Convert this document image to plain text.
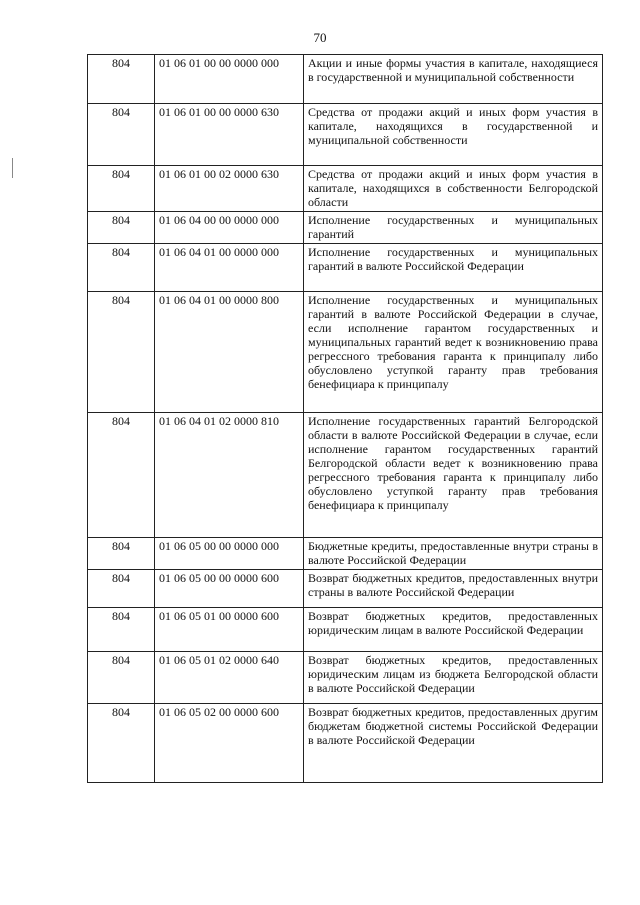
70
804	01 06 01 00 00 0000 000	Акции и иные формы участия в капитале, находящиеся в государственной и муниципальной собственности
804	01 06 01 00 00 0000 630	Средства от продажи акций и иных форм участия в капитале, находящихся в государственной и муниципальной собственности
804	01 06 01 00 02 0000 630	Средства от продажи акций и иных форм участия в капитале, находящихся в собственности Белгородской области
804	01 06 04 00 00 0000 000	Исполнение государственных и муниципальных гарантий
804	01 06 04 01 00 0000 000	Исполнение государственных и муниципальных гарантий в валюте Российской Федерации
804	01 06 04 01 00 0000 800	Исполнение государственных и муниципальных гарантий в валюте Российской Федерации в случае, если исполнение гарантом государственных и муниципальных гарантий ведет к возникновению права регрессного требования гаранта к принципалу либо обусловлено уступкой гаранту прав требования бенефициара к принципалу
804	01 06 04 01 02 0000 810	Исполнение государственных гарантий Белгородской области в валюте Российской Федерации в случае, если исполнение гарантом государственных гарантий Белгородской области ведет к возникновению права регрессного требования гаранта к принципалу либо обусловлено уступкой гаранту прав требования бенефициара к принципалу
804	01 06 05 00 00 0000 000	Бюджетные кредиты, предоставленные внутри страны в валюте Российской Федерации
804	01 06 05 00 00 0000 600	Возврат бюджетных кредитов, предоставленных внутри страны в валюте Российской Федерации
804	01 06 05 01 00 0000 600	Возврат бюджетных кредитов, предоставленных юридическим лицам в валюте Российской Федерации
804	01 06 05 01 02 0000 640	Возврат бюджетных кредитов, предоставленных юридическим лицам из бюджета Белгородской области в валюте Российской Федерации
804	01 06 05 02 00 0000 600	Возврат бюджетных кредитов, предоставленных другим бюджетам бюджетной системы Российской Федерации в валюте Российской Федерации
